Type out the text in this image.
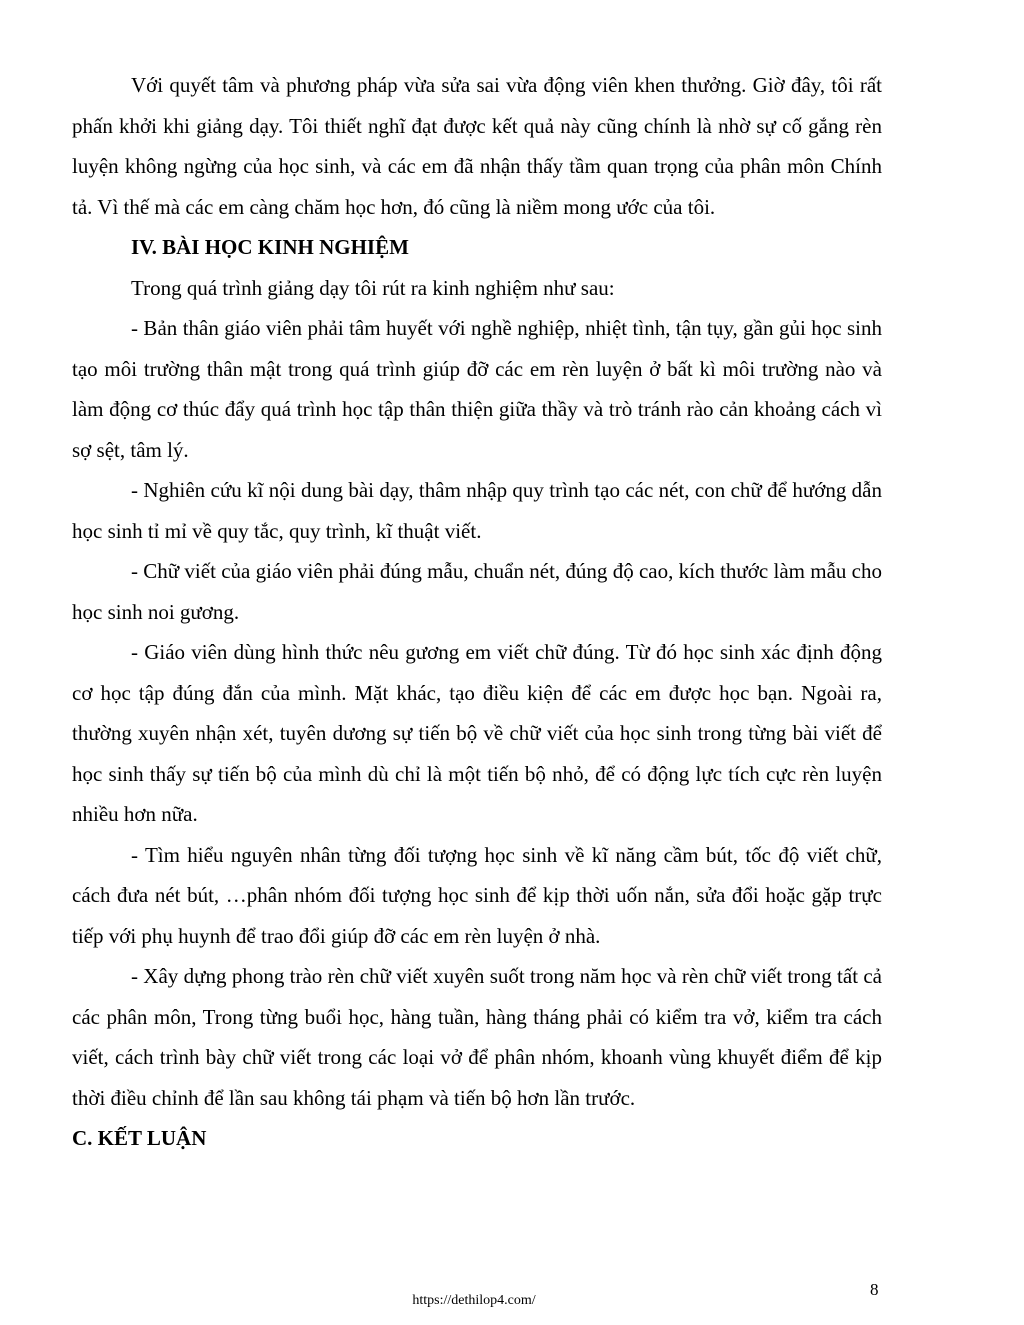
Với quyết tâm và phương pháp vừa sửa sai vừa động viên khen thưởng. Giờ đây, tôi rất phấn khởi khi giảng dạy. Tôi thiết nghĩ đạt được kết quả này cũng chính là nhờ sự cố gắng rèn luyện không ngừng của học sinh, và các em đã nhận thấy tầm quan trọng của phân môn Chính tả. Vì thế mà các em càng chăm học hơn, đó cũng là niềm mong ước của tôi.

IV. BÀI HỌC KINH NGHIỆM

Trong quá trình giảng dạy tôi rút ra kinh nghiệm như sau:

- Bản thân giáo viên phải tâm huyết với nghề nghiệp, nhiệt tình, tận tụy, gần gủi học sinh tạo môi trường thân mật trong quá trình giúp đỡ các em rèn luyện ở bất kì môi trường nào và làm động cơ thúc đẩy quá trình học tập thân thiện giữa thầy và trò tránh rào cản khoảng cách vì sợ sệt, tâm lý.

- Nghiên cứu kĩ nội dung bài dạy, thâm nhập quy trình tạo các nét, con chữ để hướng dẫn học sinh tỉ mỉ về quy tắc, quy trình, kĩ thuật viết.

- Chữ viết của giáo viên phải đúng mẫu, chuẩn nét, đúng độ cao, kích thước làm mẫu cho học sinh noi gương.

- Giáo viên dùng hình thức nêu gương em viết chữ đúng. Từ đó học sinh xác định động cơ học tập đúng đắn của mình. Mặt khác, tạo điều kiện để các em được học bạn. Ngoài ra, thường xuyên nhận xét, tuyên dương sự tiến bộ về chữ viết của học sinh trong từng bài viết để học sinh thấy sự tiến bộ của mình dù chỉ là một tiến bộ nhỏ, để có động lực tích cực rèn luyện nhiều hơn nữa.

- Tìm hiểu nguyên nhân từng đối tượng học sinh về kĩ năng cầm bút, tốc độ viết chữ, cách đưa nét bút, …phân nhóm đối tượng học sinh để kịp thời uốn nắn, sửa đổi hoặc gặp trực tiếp với phụ huynh để trao đổi giúp đỡ các em rèn luyện ở nhà.

- Xây dựng phong trào rèn chữ viết xuyên suốt trong năm học và rèn chữ viết trong tất cả các phân môn, Trong từng buổi học, hàng tuần, hàng tháng phải có kiểm tra vở, kiểm tra cách viết, cách trình bày chữ viết trong các loại vở để phân nhóm, khoanh vùng khuyết điểm để kịp thời điều chỉnh để lần sau không tái phạm và tiến bộ hơn lần trước.

C. KẾT LUẬN
8
https://dethilop4.com/
